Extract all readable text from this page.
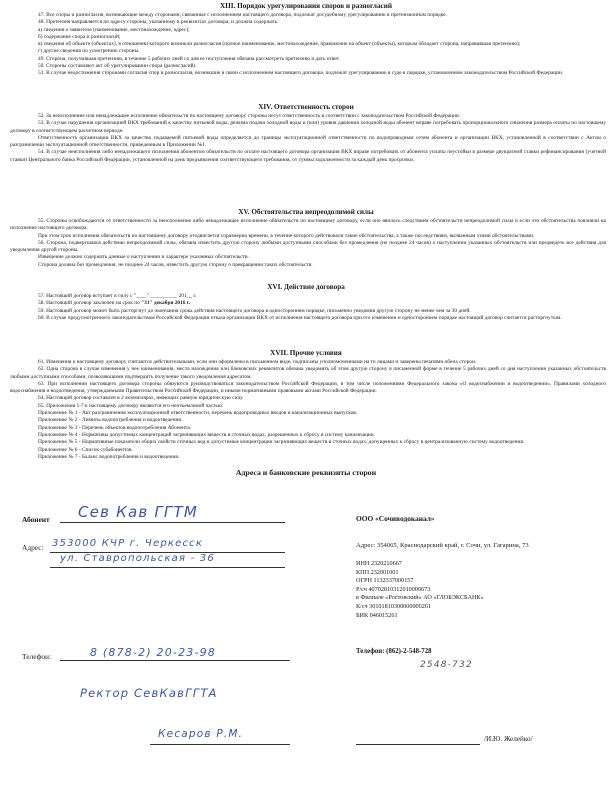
XIII. Порядок урегулирования споров и разногласий

47. Все споры и разногласия, возникающие между сторонами, связанные с исполнением настоящего договора, подлежат досудебному урегулированию в претензионном порядке.

48. Претензия направляется по адресу стороны, указанному в реквизитах договора, и должна содержать:

а) сведения о заявителе (наименование, местонахождение, адрес);

б) содержание спора и разногласий;

в) сведения об объекте (объектах), в отношении которого возникли разногласия (полное наименование, местонахождение, правомочие на объект (объекты), которым обладает сторона, направившая претензию);

г) другие сведения по усмотрению стороны.

49. Сторона, получившая претензию, в течение 5 рабочих дней со дня ее поступления обязана рассмотреть претензию и дать ответ.

50. Стороны составляют акт об урегулировании спора (разногласий).

51. В случае недостижения сторонами согласия спор и разногласия, возникшие в связи с исполнением настоящего договора, подлежат урегулированию в суде в порядке, установленном законодательством Российской Федерации.

XIV. Ответственность сторон

52. За неисполнение или ненадлежащее исполнение обязательств по настоящему договору стороны несут ответственность в соответствии с законодательством Российской Федерации.

53. В случае нарушения организацией ВКХ требований к качеству питьевой воды, режима подачи холодной воды и (или) уровня давления холодной воды абонент вправе потребовать пропорционального снижения размера оплаты по настоящему договору в соответствующем расчетном периоде.

Ответственность организации ВКХ за качество подаваемой питьевой воды определяется до границы эксплуатационной ответственности по водопроводным сетям абонента и организации ВКХ, установленной в соответствии с Актом о разграничении эксплуатационной ответственности, приведенным в Приложении №1.

54. В случае неисполнения либо ненадлежащего исполнения абонентом обязательств по оплате настоящего договора организация ВКХ вправе потребовать от абонента уплаты пеустойки в размере двукратной ставки рефинансирования (учетной ставки) Центрального банка Российской Федерации, установленной на день предъявления соответствующего требования, от суммы задолженности за каждый день просрочки.

XV. Обстоятельства непреодолимой силы

55. Стороны освобождаются от ответственности за неисполнение либо ненадлежащее исполнение обязательств по настоящему договору, если оно явилось следствием обстоятельств непреодолимой силы и если эти обстоятельства повлияли на исполнение настоящего договора.

При этом срок исполнения обязательств по настоящему договору отодвигается соразмерно времени, в течение которого действовали такие обстоятельства, а также последствиям, вызванным этими обстоятельствами.

56. Сторона, подвергшаяся действию непреодолимой силы, обязана известить другую сторону любыми доступными способами без промедления (не позднее 24 часов) о наступлении указанных обстоятельств или предвидеть все действия для уведомления другой стороны.

Извещение должно содержать данные о наступлении и характере указанных обстоятельств.

Сторона должна без промедления, не позднее 24 часов, известить другую сторону о прекращении таких обстоятельств.

XVI. Действие договора

57. Настоящий договор вступает в силу с "____" __________ 201__ г.

58. Настоящий договор заключен на срок по "31" декабря 2016 г.

59. Настоящий договор может быть расторгнут до окончания срока действия настоящего договора в одностороннем порядке, письменно уведомив другую сторону не менее чем за 30 дней.

60. В случае предусмотренного законодательством Российской Федерации отказа организации ВКХ от исполнения настоящего договора при его изменении и одностороннем порядке настоящий договор считается расторгнутым.

XVII. Прочие условия

61. Изменения к настоящему договору считаются действительными, если они оформлены в письменном виде, подписаны уполномоченными на то лицами и заверены печатями обеих сторон.

62. Одна сторона в случае изменения у нее наименования, места нахождения или банковских реквизитов обязана уведомить об этом другую сторону в письменной форме в течение 5 рабочих дней со дня наступления указанных обстоятельств любыми доступными способами, позволяющими подтвердить получение такого уведомления адресатом.

63. При исполнении настоящего договора стороны обязуются руководствоваться законодательством Российской Федерации, в том числе положениями Федерального закона «О водоснабжении и водоотведении», Правилами холодного водоснабжения и водоотведения, утверждаемыми Правительством Российской Федерации, и иными нормативными правовыми актами Российской Федерации.

64. Настоящий договор составлен в 2 экземплярах, имеющих равную юридическую силу.

65. Приложения 1-7 к настоящему договору являются его неотъемлемой частью:

Приложение № 1 - Акт разграничения эксплуатационной ответственности, перечень водопроводных вводов и канализационных выпусков.

Приложение № 2 - Лимиты водопотребления и водоотведения.

Приложение № 3 - Перечень объектов водопотребления Абонента.

Приложение № 4 - Нормативы допустимых концентраций загрязняющих веществ в сточных водах, разрешенных к сбросу в систему канализации.

Приложение № 5 - Нормативные показатели общих свойств сточных вод и допустимые концентрации загрязняющих веществ в сточных водах, допущенных к сбросу в централизованную систему водоотведения.

Приложение № 6 - Список субабонентов.

Приложение № 7 - Баланс водопотребления и водоотведения.

Адреса и банковские реквизиты сторон
Абонент Сев Кав ГГТМ
Адрес: 353000 КЧР г. Черкесск
ул. Ставропольская - 36
Телефон:	8 (878-2) 20-23-98
Ректор СевКавГГТА
Кесаров Р.М.
ООО «Сочиводоканал»
Адрес: 354065, Краснодарский край, г. Сочи, ул. Гагарина, 73
ИНН 2320210667
КПП 232001001
ОГРН 1132337000157
Р/сч 40702810312010000673
в Филиале «Ростовский» АО «ГЛОБЭКСБАНК»
К/сч 30101810300000000261
БИК 046015261
Телефон: (862)-2-548-728
2548-732
/И.Ю. Желейко/
